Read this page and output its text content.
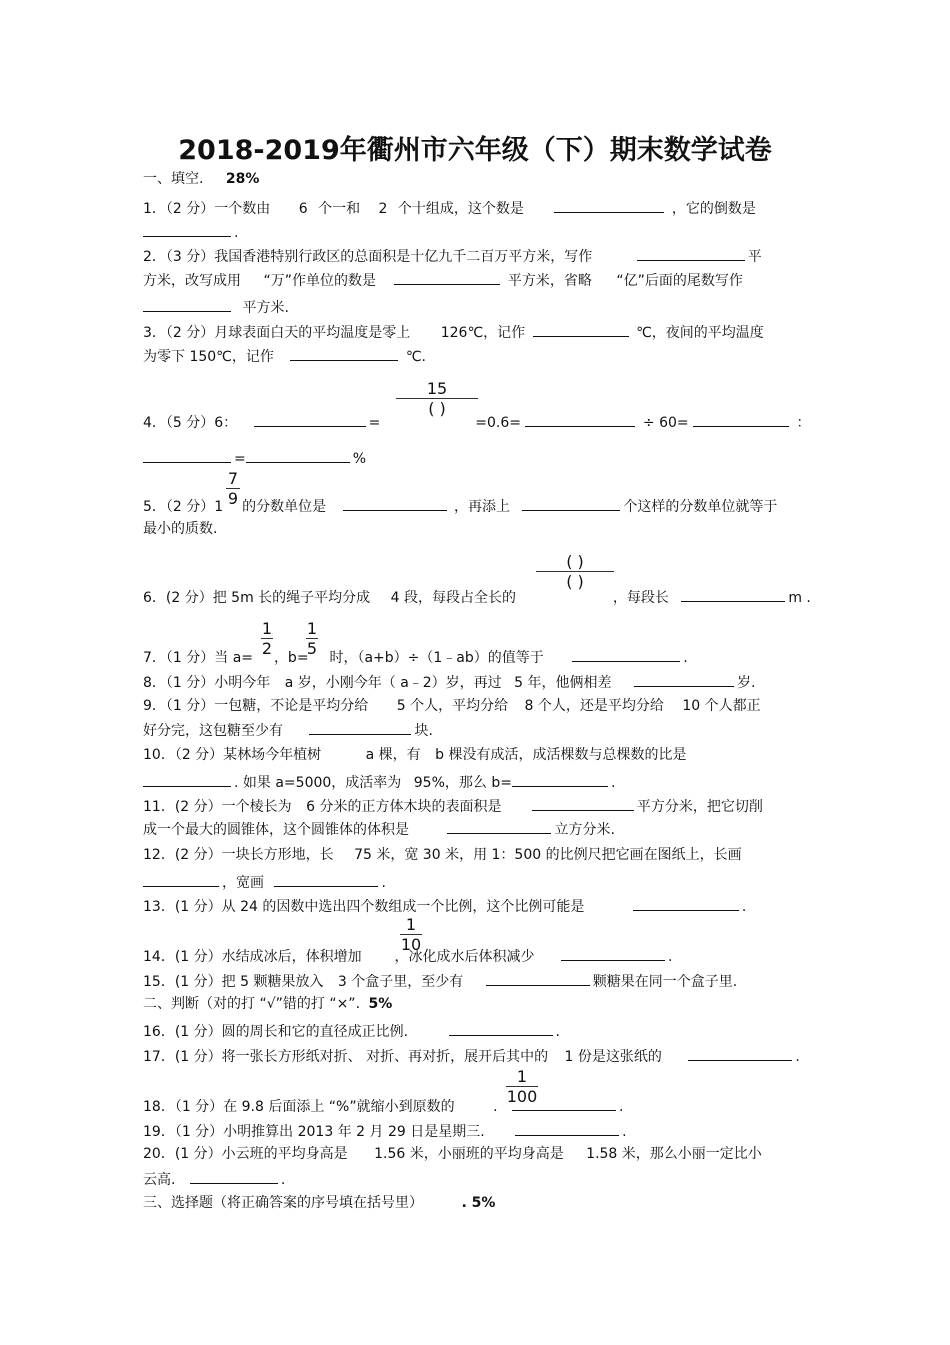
2018-2019年衢州市六年级（下）期末数学试卷
一、填空. 28%
1．（2 分）一个数由 6 个一和 2 个十组成，这个数是	，它的倒数是
.
2．（3 分）我国香港特别行政区的总面积是十亿九千二百万平方米，写作	平
方米，改写成用 “万”作单位的数是	平方米，省略 “亿”后面的尾数写作
平方米.
3．（2 分）月球表面白天的平均温度是零上 126℃，记作	℃，夜间的平均温度
为零下 150℃，记作	℃.
15
( )
4．（5 分）6：	=	=0.6=	÷ 60=	：
=	%
7
9
5．（2 分）1 的分数单位是	，再添上	个这样的分数单位就等于
最小的质数.
( )
( )
6．(2 分）把 5m 长的绳子平均分成 4 段，每段占全长的	，每段长	m .
1
2
1
5
7．（1 分）当 a= ，b= 时，（a+b）÷（1﹣ab）的值等于	.
8．（1 分）小明今年 a 岁，小刚今年（ a﹣2）岁，再过 5 年，他俩相差	岁.
9．（1 分）一包糖，不论是平均分给 5 个人，平均分给 8 个人，还是平均分给 10 个人都正
好分完，这包糖至少有	块.
10．（2 分）某林场今年植树	a 棵，有 b 棵没有成活，成活棵数与总棵数的比是
. 如果 a=5000，成活率为 95%，那么 b=	.
11．(2 分）一个棱长为 6 分米的正方体木块的表面积是	平方分米，把它切削
成一个最大的圆锥体，这个圆锥体的体积是	立方分米.
12．(2 分）一块长方形地，长 75 米，宽 30 米，用 1：500 的比例尺把它画在图纸上，长画
，宽画	.
13．(1 分）从 24 的因数中选出四个数组成一个比例，这个比例可能是	.
1
10
14．(1 分）水结成冰后，体积增加 ，冰化成水后体积减少	.
15．(1 分）把 5 颗糖果放入 3 个盒子里，至少有	颗糖果在同一个盒子里.
二、判断（对的打 “√”错的打 “×”. 5%
16．(1 分）圆的周长和它的直径成正比例.	.
17．(1 分）将一张长方形纸对折、 对折、再对折，展开后其中的 1 份是这张纸的	.
1
100
18．（1 分）在 9.8 后面添上 “%”就缩小到原数的	.	.
19．（1 分）小明推算出 2013 年 2 月 29 日是星期三.	.
20．(1 分）小云班的平均身高是 1.56 米，小丽班的平均身高是 1.58 米，那么小丽一定比小
云高.	.
三、选择题（将正确答案的序号填在括号里）	. 5%
